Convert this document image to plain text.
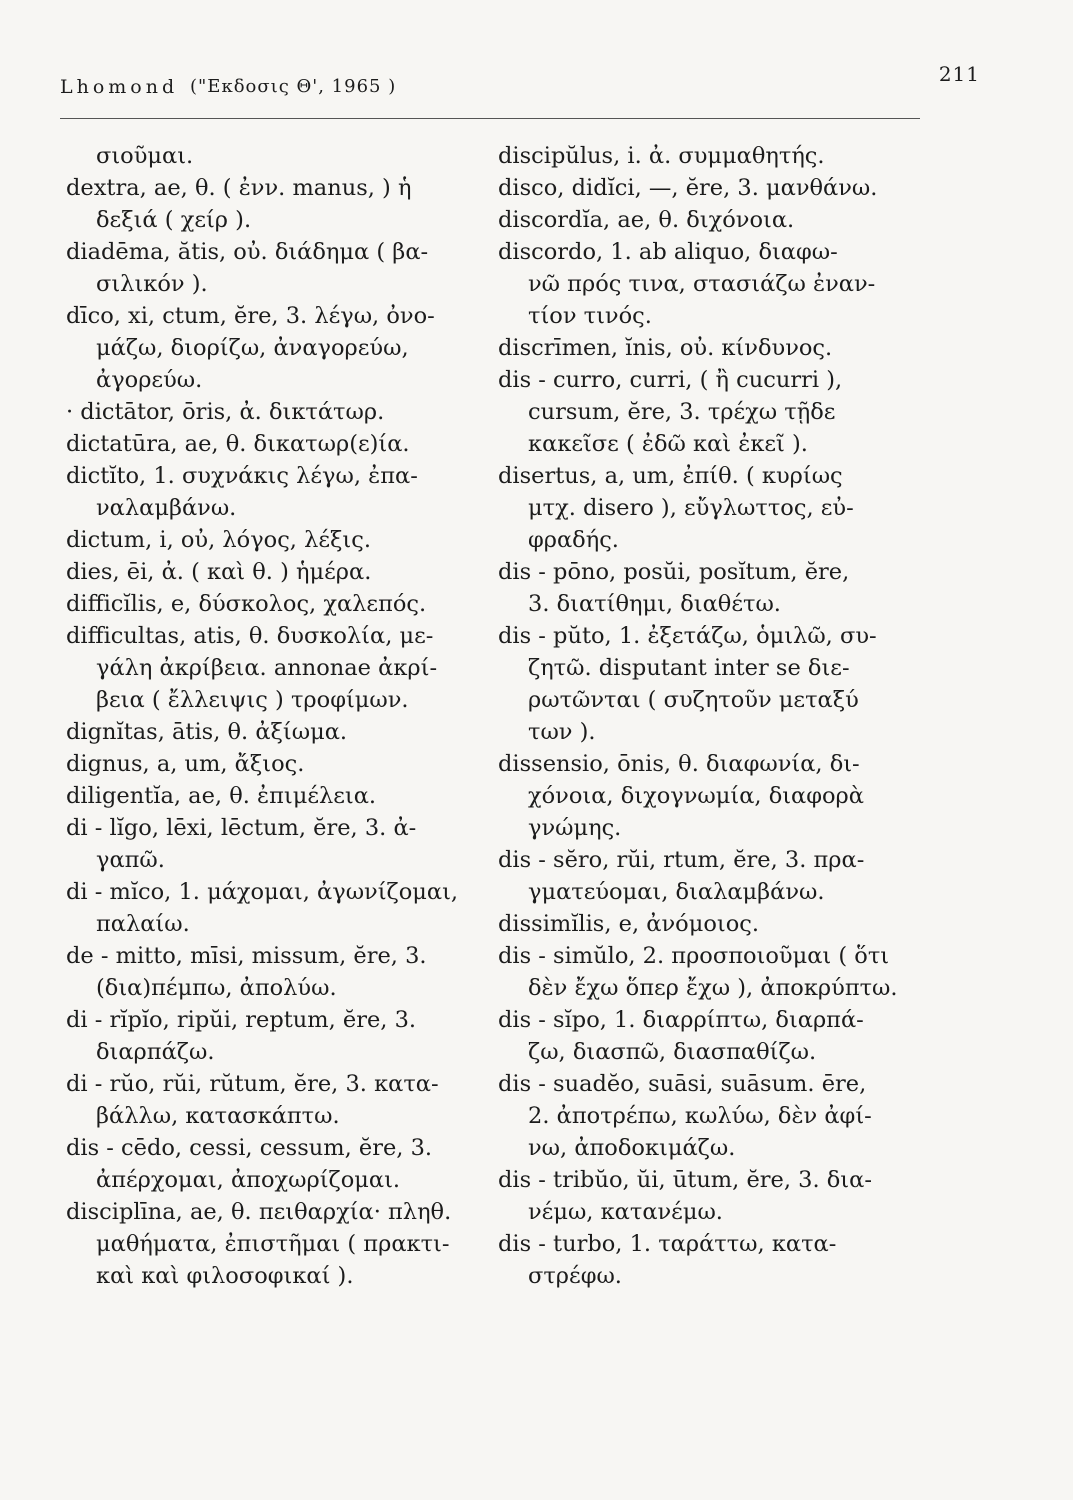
Lhomond ("Εκδοσις Θ', 1965 )
211
σιοῦμαι.
dextra, ae, θ. ( ἐνν. manus, ) ἡ
δεξιά ( χείρ ).
diadēma, ătis, οὐ. διάδημα ( βα-
σιλικόν ).
dīco, xi, ctum, ĕre, 3. λέγω, ὀνο-
μάζω, διορίζω, ἀναγορεύω,
ἀγορεύω.
· dictātor, ōris, ἀ. δικτάτωρ.
dictatūra, ae, θ. δικατωρ(ε)ία.
dictĭto, 1. συχνάκις λέγω, ἐπα-
ναλαμβάνω.
dictum, i, οὐ, λόγος, λέξις.
dies, ēi, ἀ. ( καὶ θ. ) ἡμέρα.
diffiсĭlis, e, δύσκολος, χαλεπός.
difficultas, atis, θ. δυσκολία, με-
γάλη ἀκρίβεια. annonae ἀκρί-
βεια ( ἔλλειψις ) τροφίμων.
dignĭtas, ātis, θ. ἀξίωμα.
dignus, a, um, ἄξιος.
diligentĭa, ae, θ. ἐπιμέλεια.
di - lĭgo, lēxi, lēctum, ĕre, 3. ἀ-
γαπῶ.
di - mĭco, 1. μάχομαι, ἀγωνίζομαι,
παλαίω.
de - mitto, mīsi, missum, ĕre, 3.
(δια)πέμπω, ἀπολύω.
di - rĭpĭo, ripŭi, reptum, ĕre, 3.
διαρπάζω.
di - rŭo, rŭi, rŭtum, ĕre, 3. κατα-
βάλλω, κατασκάπτω.
dis - cēdo, cessi, cessum, ĕre, 3.
ἀπέρχομαι, ἀποχωρίζομαι.
disciplīna, ae, θ. πειθαρχία· πληθ.
μαθήματα, ἐπιστῆμαι ( πρακτι-
καὶ καὶ φιλοσοφικαί ).
discipŭlus, i. ἀ. συμμαθητής.
disco, didĭci, —, ĕre, 3. μανθάνω.
discordĭa, ae, θ. διχόνοια.
discordo, 1. ab aliquo, διαφω-
νῶ πρός τινα, στασιάζω ἐναν-
τίον τινός.
discrīmen, ĭnis, οὐ. κίνδυνος.
dis - curro, curri, ( ἢ cucurri ),
cursum, ĕre, 3. τρέχω τῇδε
κακεῖσε ( ἐδῶ καὶ ἐκεῖ ).
disertus, a, um, ἐπίθ. ( κυρίως
μτχ. disero ), εὔγλωττος, εὐ-
φραδής.
dis - pōno, posŭi, posĭtum, ĕre,
3. διατίθημι, διαθέτω.
dis - pŭto, 1. ἐξετάζω, ὁμιλῶ, συ-
ζητῶ. disputant inter se διε-
ρωτῶνται ( συζητοῦν μεταξύ
των ).
dissensio, ōnis, θ. διαφωνία, δι-
χόνοια, διχογνωμία, διαφορὰ
γνώμης.
dis - sĕro, rŭi, rtum, ĕre, 3. πρα-
γματεύομαι, διαλαμβάνω.
dissimĭlis, e, ἀνόμοιος.
dis - simŭlo, 2. προσποιοῦμαι ( ὅτι
δὲν ἔχω ὅπερ ἔχω ), ἀποκρύπτω.
dis - sĭpo, 1. διαρρίπτω, διαρπά-
ζω, διασπῶ, διασπαθίζω.
dis - suadĕo, suāsi, suāsum. ēre,
2. ἀποτρέπω, κωλύω, δὲν ἀφί-
νω, ἀποδοκιμάζω.
dis - tribŭo, ŭi, ūtum, ĕre, 3. δια-
νέμω, κατανέμω.
dis - turbo, 1. ταράττω, κατα-
στρέφω.
